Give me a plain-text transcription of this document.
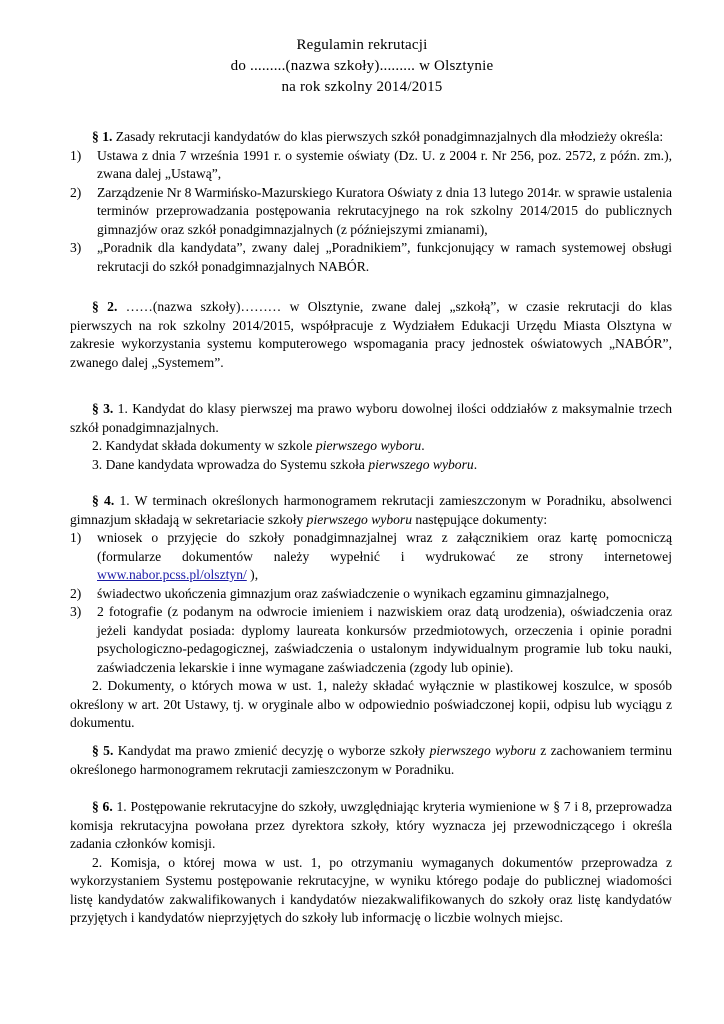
Regulamin rekrutacji
do .........(nazwa szkoły)......... w Olsztynie
na rok szkolny 2014/2015

§ 1. Zasady rekrutacji kandydatów do klas pierwszych szkół ponadgimnazjalnych dla młodzieży określa:

1)	Ustawa z dnia 7 września 1991 r. o systemie oświaty (Dz. U. z 2004 r. Nr 256, poz. 2572, z późn. zm.), zwana dalej „Ustawą”,
2)	Zarządzenie Nr 8 Warmińsko-Mazurskiego Kuratora Oświaty z dnia 13 lutego 2014r. w sprawie ustalenia terminów przeprowadzania postępowania rekrutacyjnego na rok szkolny 2014/2015 do publicznych gimnazjów oraz szkół ponadgimnazjalnych (z późniejszymi zmianami),
3)	„Poradnik dla kandydata”, zwany dalej „Poradnikiem”, funkcjonujący w ramach systemowej obsługi rekrutacji do szkół ponadgimnazjalnych NABÓR.

§ 2. ……(nazwa szkoły)……… w Olsztynie, zwane dalej „szkołą”, w czasie rekrutacji do klas pierwszych na rok szkolny 2014/2015, współpracuje z Wydziałem Edukacji Urzędu Miasta Olsztyna w zakresie wykorzystania systemu komputerowego wspomagania pracy jednostek oświatowych „NABÓR”, zwanego dalej „Systemem”.

§ 3. 1. Kandydat do klasy pierwszej ma prawo wyboru dowolnej ilości oddziałów z maksymalnie trzech szkół ponadgimnazjalnych.

2. Kandydat składa dokumenty w szkole pierwszego wyboru.

3. Dane kandydata wprowadza do Systemu szkoła pierwszego wyboru.

§ 4. 1. W terminach określonych harmonogramem rekrutacji zamieszczonym w Poradniku, absolwenci gimnazjum składają w sekretariacie szkoły pierwszego wyboru następujące dokumenty:

1)	wniosek o przyjęcie do szkoły ponadgimnazjalnej wraz z załącznikiem oraz kartę pomocniczą (formularze dokumentów należy wypełnić i wydrukować ze strony internetowej www.nabor.pcss.pl/olsztyn/ ),
2)	świadectwo ukończenia gimnazjum oraz zaświadczenie o wynikach egzaminu gimnazjalnego,
3)	2 fotografie (z podanym na odwrocie imieniem i nazwiskiem oraz datą urodzenia), oświadczenia oraz jeżeli kandydat posiada: dyplomy laureata konkursów przedmiotowych, orzeczenia i opinie poradni psychologiczno-pedagogicznej, zaświadczenia o ustalonym indywidualnym programie lub toku nauki, zaświadczenia lekarskie i inne wymagane zaświadczenia (zgody lub opinie).

2. Dokumenty, o których mowa w ust. 1, należy składać wyłącznie w plastikowej koszulce, w sposób określony w art. 20t Ustawy, tj. w oryginale albo w odpowiednio poświadczonej kopii, odpisu lub wyciągu z dokumentu.

§ 5. Kandydat ma prawo zmienić decyzję o wyborze szkoły pierwszego wyboru z zachowaniem terminu określonego harmonogramem rekrutacji zamieszczonym w Poradniku.

§ 6. 1. Postępowanie rekrutacyjne do szkoły, uwzględniając kryteria wymienione w § 7 i 8, przeprowadza komisja rekrutacyjna powołana przez dyrektora szkoły, który wyznacza jej przewodniczącego i określa zadania członków komisji.

2. Komisja, o której mowa w ust. 1, po otrzymaniu wymaganych dokumentów przeprowadza z wykorzystaniem Systemu postępowanie rekrutacyjne, w wyniku którego podaje do publicznej wiadomości listę kandydatów zakwalifikowanych i kandydatów niezakwalifikowanych do szkoły oraz listę kandydatów przyjętych i kandydatów nieprzyjętych do szkoły lub informację o liczbie wolnych miejsc.
